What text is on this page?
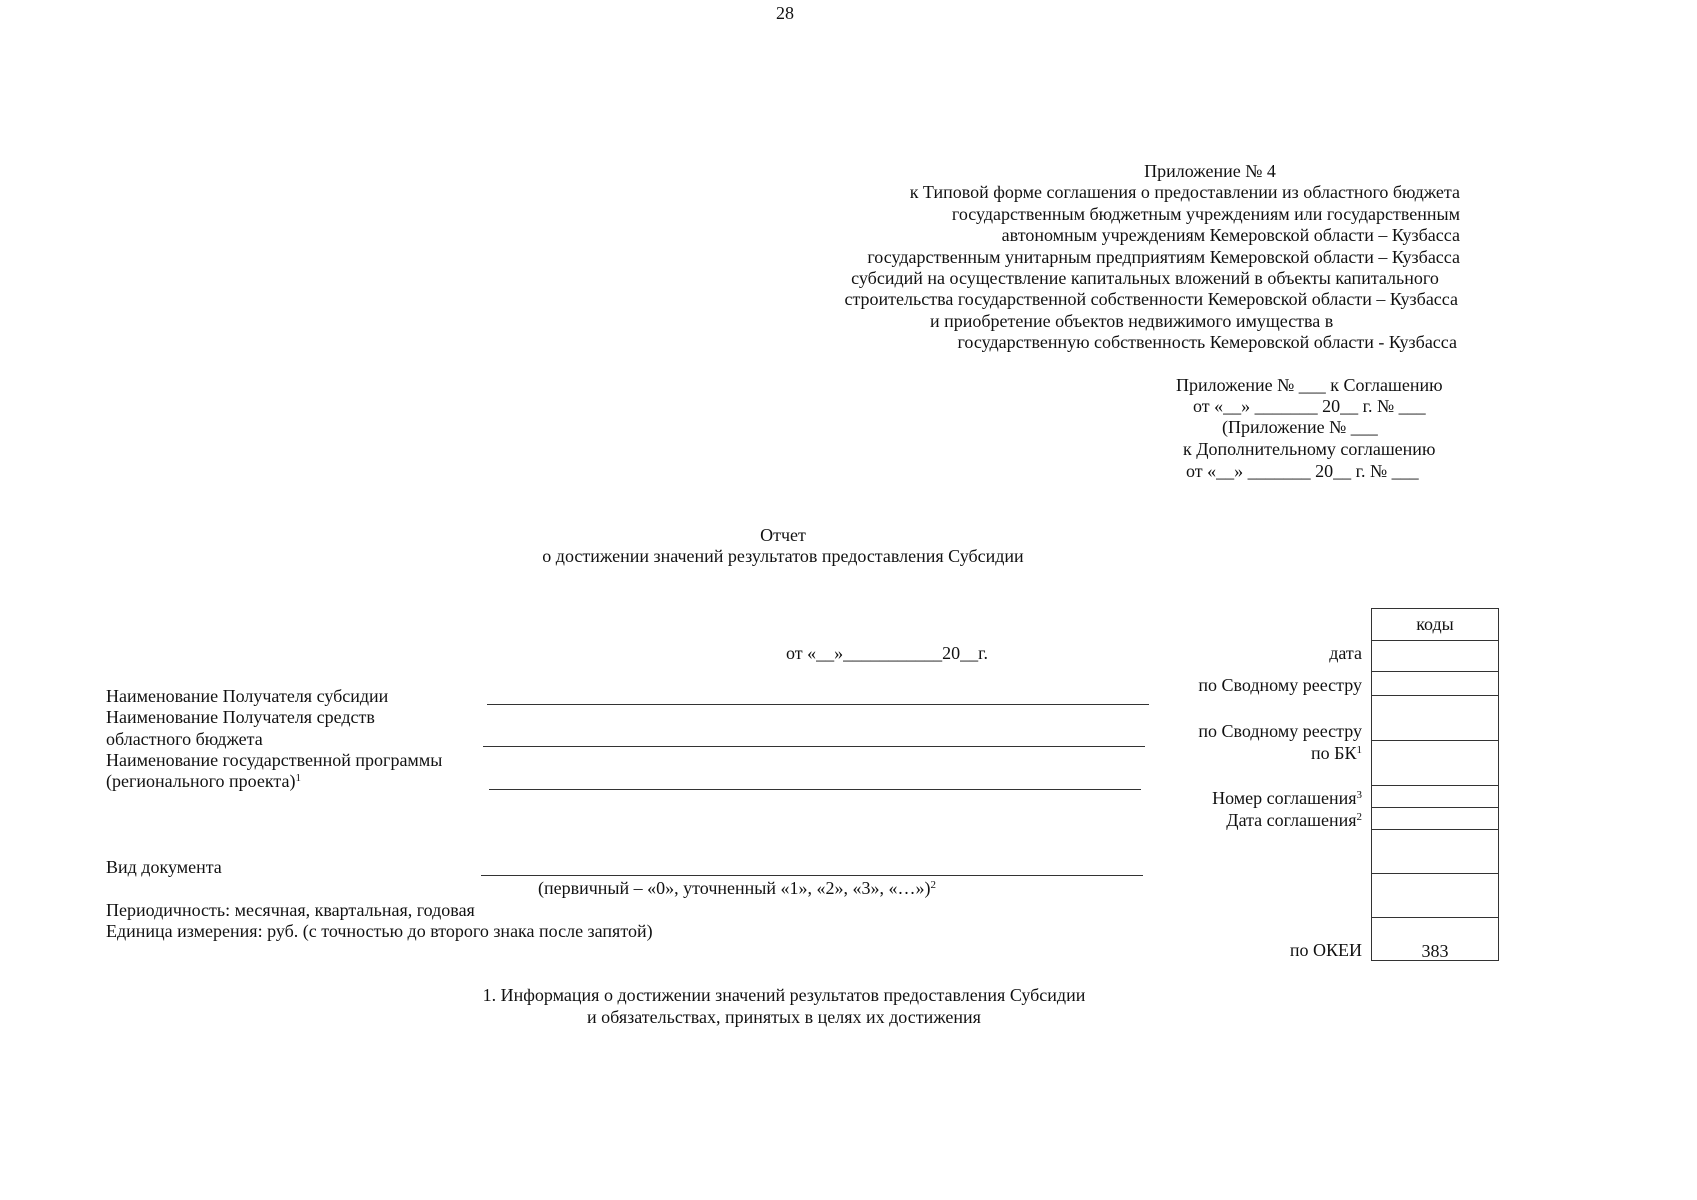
28
Приложение № 4
к Типовой форме соглашения о предоставлении из областного бюджета
государственным бюджетным учреждениям или государственным
автономным учреждениям Кемеровской области – Кузбасса
государственным унитарным предприятиям Кемеровской области – Кузбасса
субсидий на осуществление капитальных вложений в объекты капитального
строительства государственной собственности Кемеровской области – Кузбасса
и приобретение объектов недвижимого имущества в
государственную собственность Кемеровской области - Кузбасса
Приложение № ___ к Соглашению
от «__» _______ 20__ г. № ___
(Приложение № ___
к Дополнительному соглашению
от «__» _______ 20__ г. № ___
Отчет
о достижении значений результатов предоставления Субсидии
от «__»___________20__г.
Наименование Получателя субсидии
Наименование Получателя средств
областного бюджета
Наименование государственной программы
(регионального проекта)$^1$
Вид документа
(первичный – «0», уточненный «1», «2», «3», «…»)$^2$
Периодичность: месячная, квартальная, годовая
Единица измерения: руб. (с точностью до второго знака после запятой)
дата
по Сводному реестру
по Сводному реестру
по $БК^1$
Номер соглашения$^3$
Дата соглашения$^2$
по ОКЕИ
коды
383
1. Информация о достижении значений результатов предоставления Субсидии
и обязательствах, принятых в целях их достижения
